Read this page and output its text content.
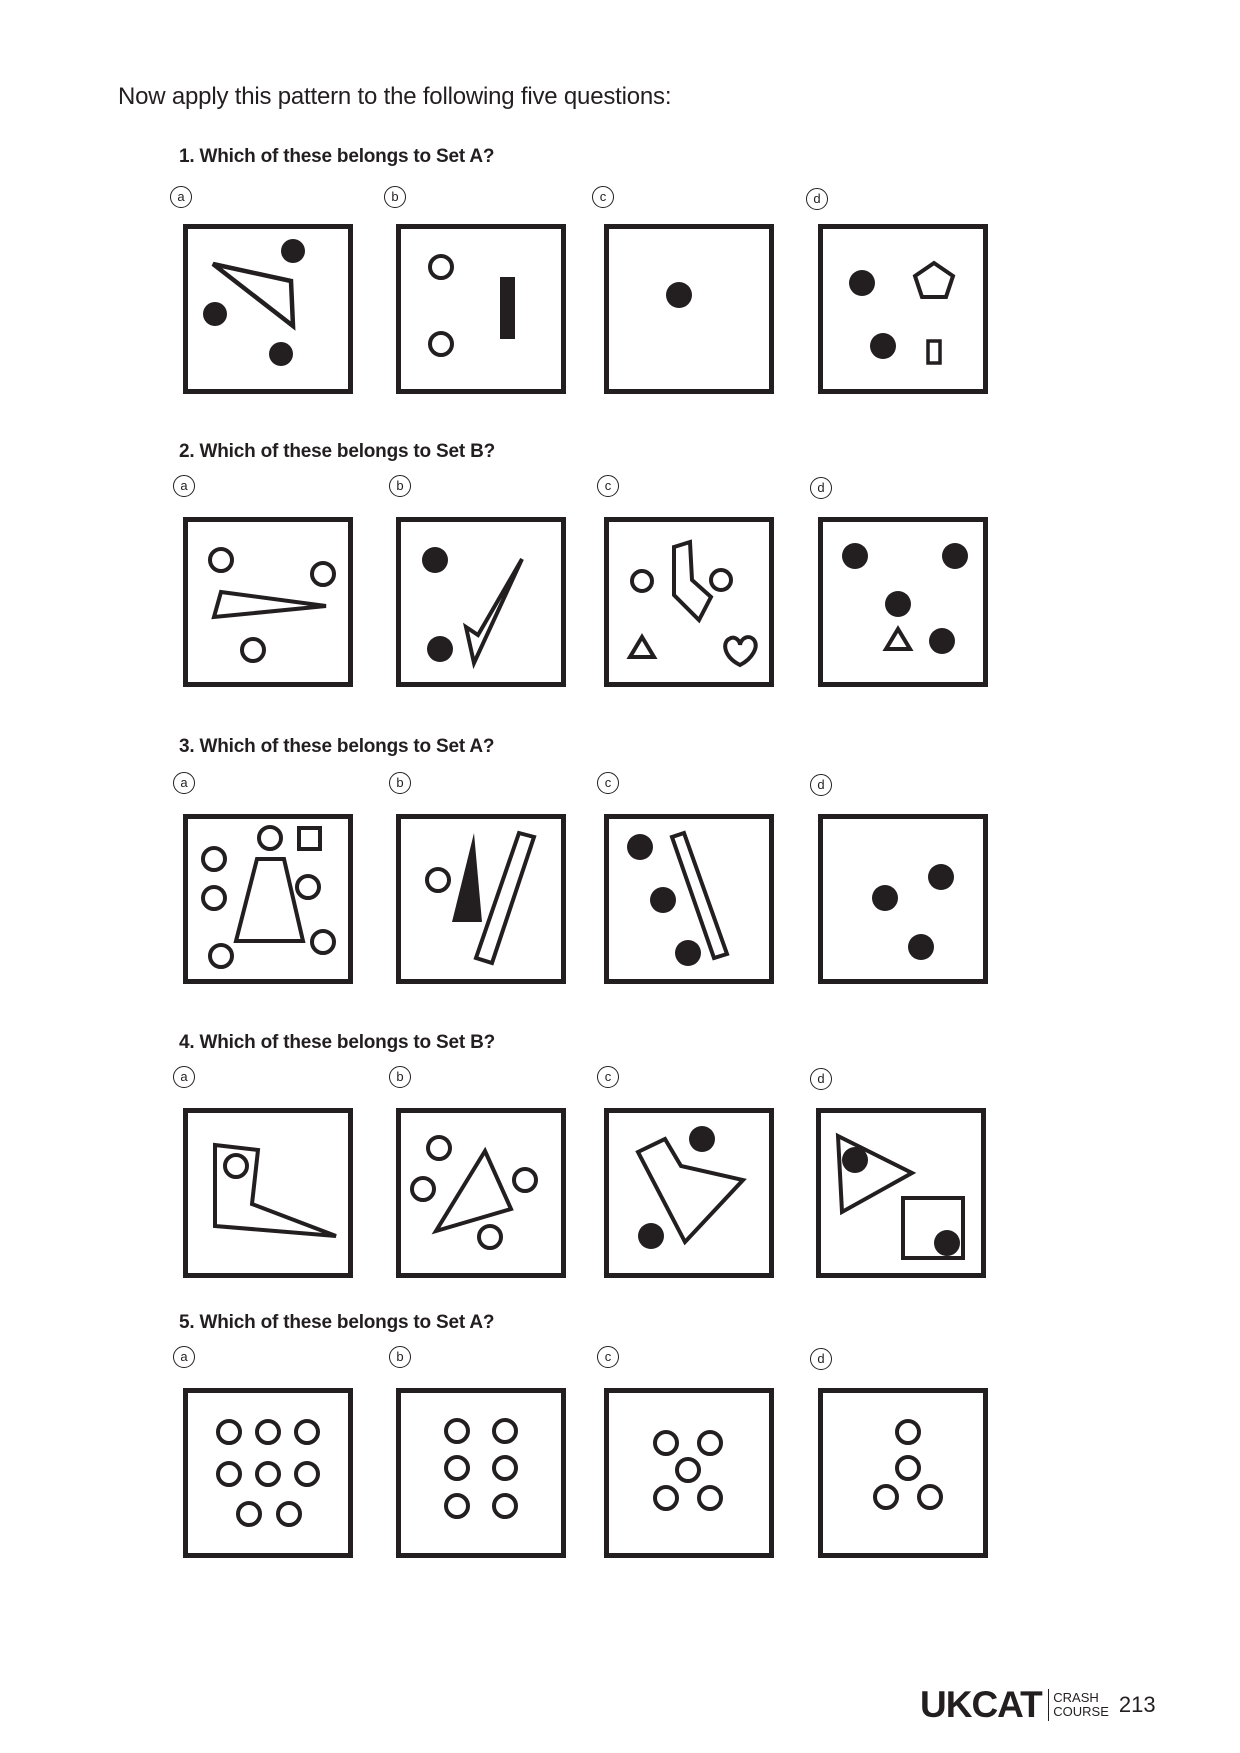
Now apply this pattern to the following five questions:
1. Which of these belongs to Set A?
a	b	c	d
2. Which of these belongs to Set B?
a	b	c	d
3. Which of these belongs to Set A?
a	b	c	d
4. Which of these belongs to Set B?
a	b	c	d
5. Which of these belongs to Set A?
a	b	c	d
UKCAT CRASH
COURSE 213
